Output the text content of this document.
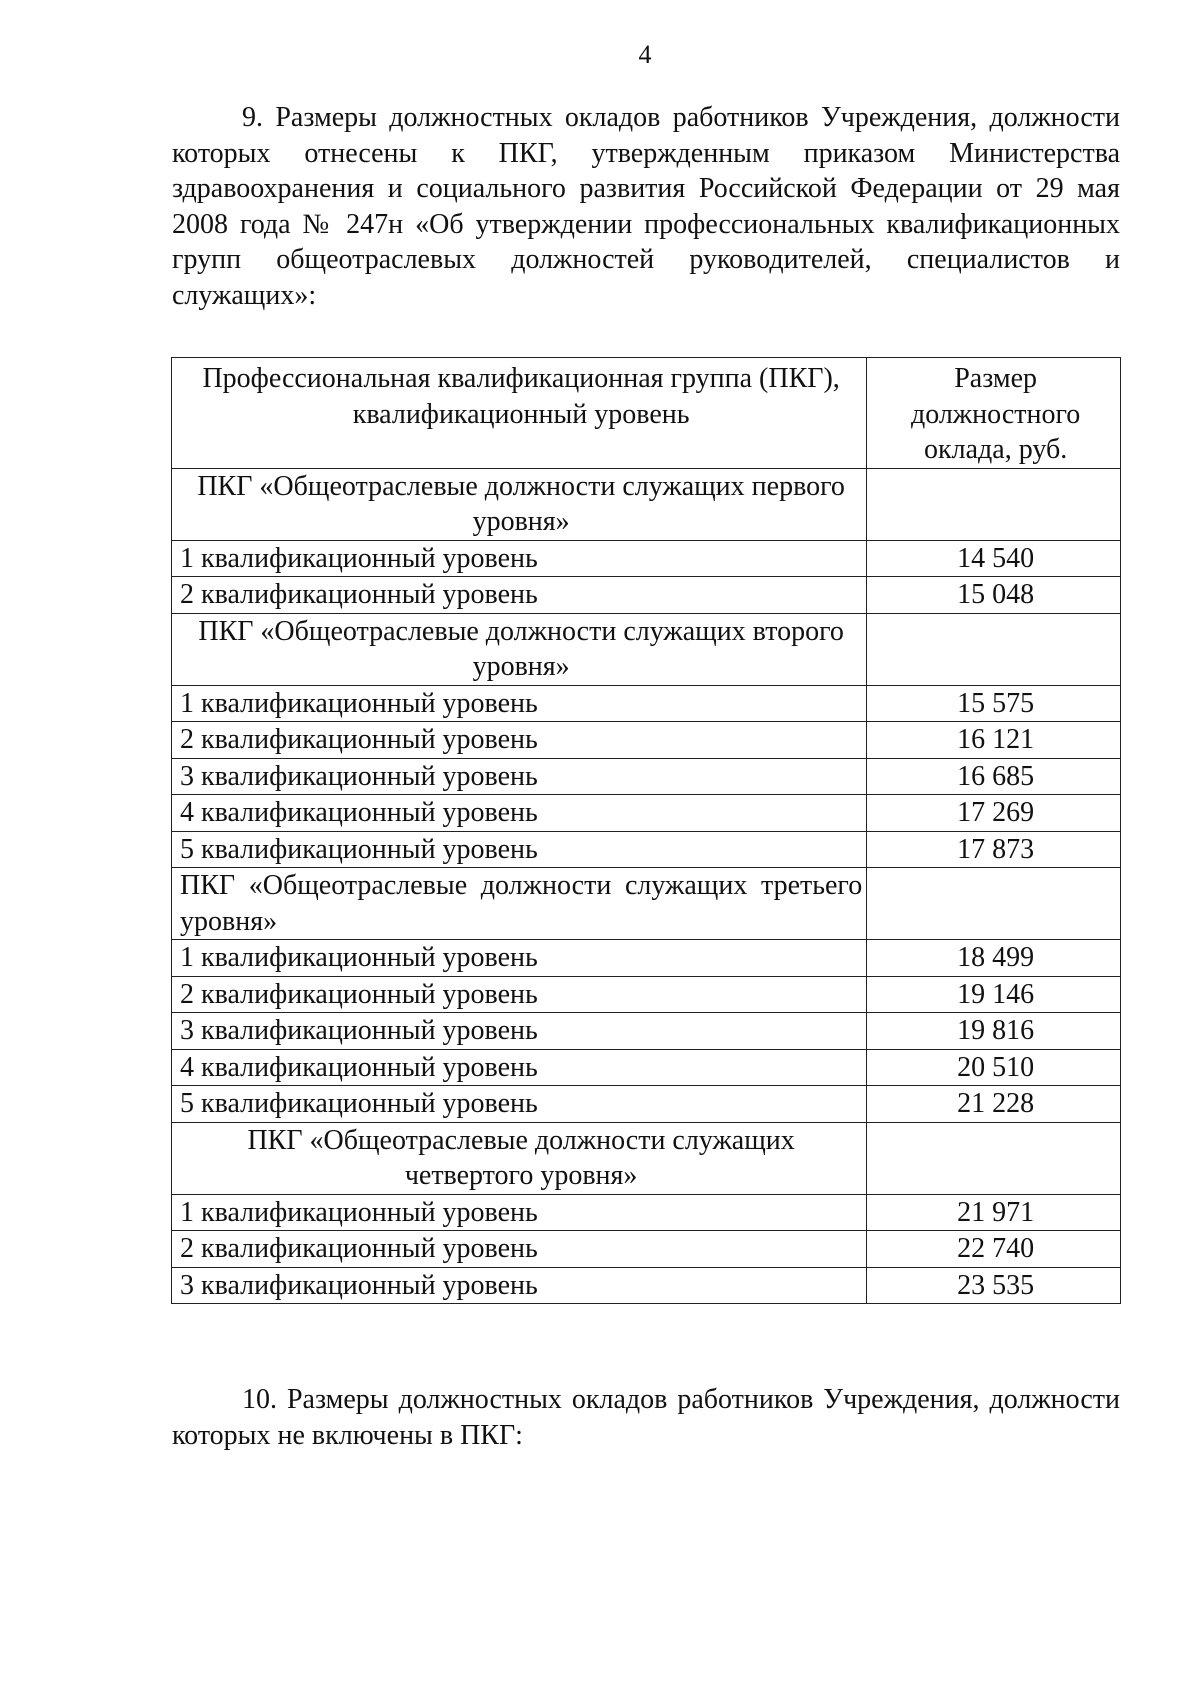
4

9. Размеры должностных окладов работников Учреждения, должности которых отнесены к ПКГ, утвержденным приказом Министерства здравоохранения и социального развития Российской Федерации от 29 мая 2008 года № 247н «Об утверждении профессиональных квалификационных групп общеотраслевых должностей руководителей, специалистов и служащих»:

Профессиональная квалификационная группа (ПКГ), квалификационный уровень	Размер должностного оклада, руб.
ПКГ «Общеотраслевые должности служащих первого уровня»	
1 квалификационный уровень	14 540
2 квалификационный уровень	15 048
ПКГ «Общеотраслевые должности служащих второго уровня»	
1 квалификационный уровень	15 575
2 квалификационный уровень	16 121
3 квалификационный уровень	16 685
4 квалификационный уровень	17 269
5 квалификационный уровень	17 873
ПКГ «Общеотраслевые должности служащих третьего уровня»	
1 квалификационный уровень	18 499
2 квалификационный уровень	19 146
3 квалификационный уровень	19 816
4 квалификационный уровень	20 510
5 квалификационный уровень	21 228
ПКГ «Общеотраслевые должности служащих четвертого уровня»	
1 квалификационный уровень	21 971
2 квалификационный уровень	22 740
3 квалификационный уровень	23 535

10. Размеры должностных окладов работников Учреждения, должности которых не включены в ПКГ:
